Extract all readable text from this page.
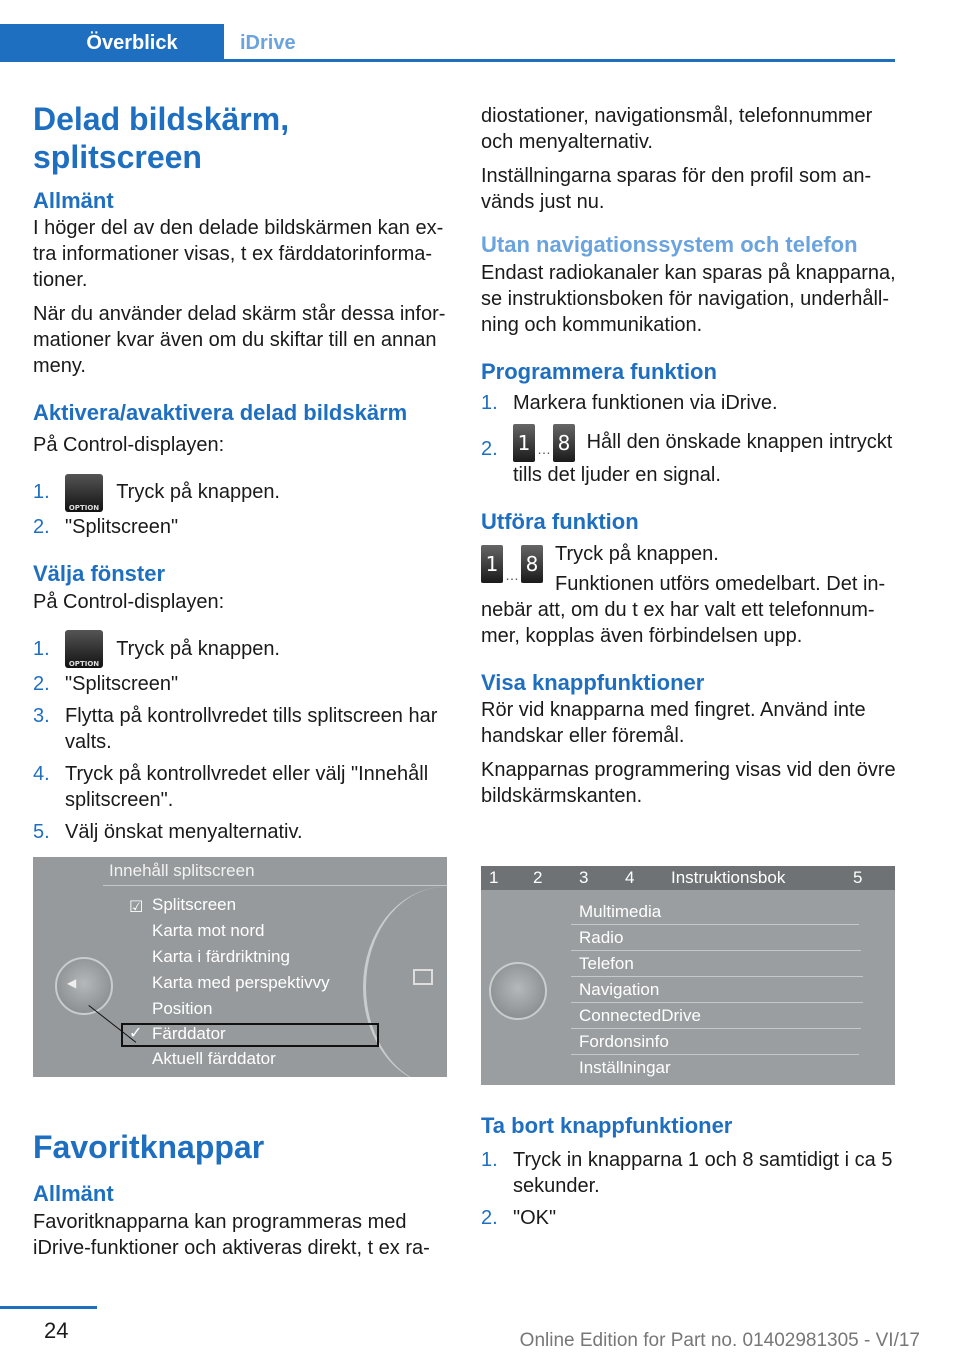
Överblick	iDrive
Delad bildskärm, splitscreen
Allmänt

I höger del av den delade bildskärmen kan extra informationer visas, t ex färddatorinformationer.

När du använder delad skärm står dessa informationer kvar även om du skiftar till en annan meny.

Aktivera/avaktivera delad bildskärm

På Control-displayen:

1.
OPTION
Tryck på knappen.
2. "Splitscreen"
Välja fönster

På Control-displayen:

1.
OPTION
Tryck på knappen.
2. "Splitscreen"
3. Flytta på kontrollvredet tills splitscreen har valts.
4. Tryck på kontrollvredet eller välj "Innehåll splitscreen".
5. Välj önskat menyalternativ.
Innehåll splitscreen
◀
☑ Splitscreen
Karta mot nord
Karta i färdriktning
Karta med perspektivvy
Position
✓ Färddator
Aktuell färddator
Favoritknappar
Allmänt

Favoritknapparna kan programmeras med iDrive-funktioner och aktiveras direkt, t ex ra-

diostationer, navigationsmål, telefonnummer och menyalternativ.

Inställningarna sparas för den profil som används just nu.

Utan navigationssystem och telefon

Endast radiokanaler kan sparas på knapparna, se instruktionsboken för navigation, underhållning och kommunikation.

Programmera funktion
1. Markera funktionen via iDrive.
2. 1 … 8 Håll den önskade knappen intryckt tills det ljuder en signal.
Utföra funktion
1 … 8 Tryck på knappen.

Funktionen utförs omedelbart. Det innebär att, om du t ex har valt ett telefonnummer, kopplas även förbindelsen upp.

Visa knappfunktioner

Rör vid knapparna med fingret. Använd inte handskar eller föremål.

Knapparnas programmering visas vid den övre bildskärmskanten.

1 2 3 4 Instruktionsbok	5
Multimedia
Radio
Telefon
Navigation
ConnectedDrive
Fordonsinfo
Inställningar
Ta bort knappfunktioner
1. Tryck in knapparna 1 och 8 samtidigt i ca 5 sekunder.
2. "OK"
24	Online Edition for Part no. 01402981305 - VI/17
